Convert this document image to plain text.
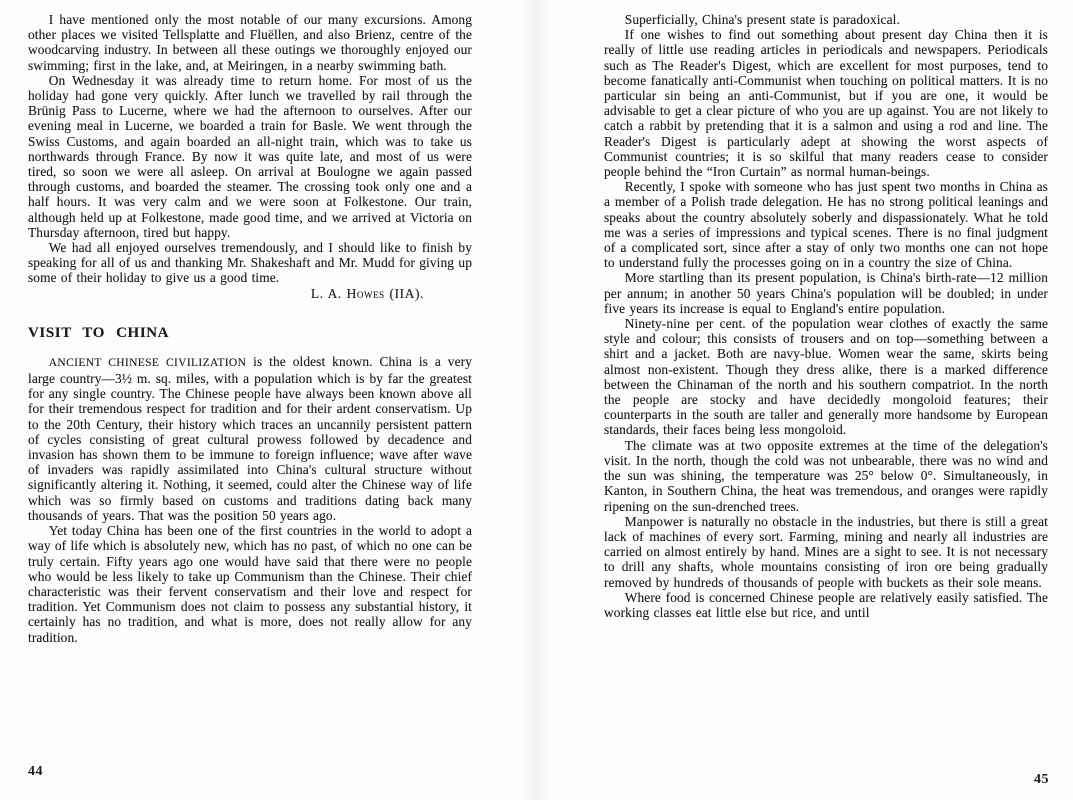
I have mentioned only the most notable of our many excursions. Among other places we visited Tellsplatte and Fluëllen, and also Brienz, centre of the woodcarving industry. In between all these outings we thoroughly enjoyed our swimming; first in the lake, and, at Meiringen, in a nearby swimming bath.

On Wednesday it was already time to return home. For most of us the holiday had gone very quickly. After lunch we travelled by rail through the Brünig Pass to Lucerne, where we had the afternoon to ourselves. After our evening meal in Lucerne, we boarded a train for Basle. We went through the Swiss Customs, and again boarded an all-night train, which was to take us northwards through France. By now it was quite late, and most of us were tired, so soon we were all asleep. On arrival at Boulogne we again passed through customs, and boarded the steamer. The crossing took only one and a half hours. It was very calm and we were soon at Folkestone. Our train, although held up at Folkestone, made good time, and we arrived at Victoria on Thursday afternoon, tired but happy.

We had all enjoyed ourselves tremendously, and I should like to finish by speaking for all of us and thanking Mr. Shakeshaft and Mr. Mudd for giving up some of their holiday to give us a good time.

L. A. Howes (IIA).

VISIT TO CHINA

ANCIENT CHINESE CIVILIZATION is the oldest known. China is a very large country—3½ m. sq. miles, with a population which is by far the greatest for any single country. The Chinese people have always been known above all for their tremendous respect for tradition and for their ardent conservatism. Up to the 20th Century, their history which traces an uncannily persistent pattern of cycles consisting of great cultural prowess followed by decadence and invasion has shown them to be immune to foreign influence; wave after wave of invaders was rapidly assimilated into China's cultural structure without significantly altering it. Nothing, it seemed, could alter the Chinese way of life which was so firmly based on customs and traditions dating back many thousands of years. That was the position 50 years ago.

Yet today China has been one of the first countries in the world to adopt a way of life which is absolutely new, which has no past, of which no one can be truly certain. Fifty years ago one would have said that there were no people who would be less likely to take up Communism than the Chinese. Their chief characteristic was their fervent conservatism and their love and respect for tradition. Yet Communism does not claim to possess any substantial history, it certainly has no tradition, and what is more, does not really allow for any tradition.

44

Superficially, China's present state is paradoxical.

If one wishes to find out something about present day China then it is really of little use reading articles in periodicals and newspapers. Periodicals such as The Reader's Digest, which are excellent for most purposes, tend to become fanatically anti-Communist when touching on political matters. It is no particular sin being an anti-Communist, but if you are one, it would be advisable to get a clear picture of who you are up against. You are not likely to catch a rabbit by pretending that it is a salmon and using a rod and line. The Reader's Digest is particularly adept at showing the worst aspects of Communist countries; it is so skilful that many readers cease to consider people behind the “Iron Curtain” as normal human-beings.

Recently, I spoke with someone who has just spent two months in China as a member of a Polish trade delegation. He has no strong political leanings and speaks about the country absolutely soberly and dispassionately. What he told me was a series of impressions and typical scenes. There is no final judgment of a complicated sort, since after a stay of only two months one can not hope to understand fully the processes going on in a country the size of China.

More startling than its present population, is China's birth-rate—12 million per annum; in another 50 years China's population will be doubled; in under five years its increase is equal to England's entire population.

Ninety-nine per cent. of the population wear clothes of exactly the same style and colour; this consists of trousers and on top—something between a shirt and a jacket. Both are navy-blue. Women wear the same, skirts being almost non-existent. Though they dress alike, there is a marked difference between the Chinaman of the north and his southern compatriot. In the north the people are stocky and have decidedly mongoloid features; their counterparts in the south are taller and generally more handsome by European standards, their faces being less mongoloid.

The climate was at two opposite extremes at the time of the delegation's visit. In the north, though the cold was not unbearable, there was no wind and the sun was shining, the temperature was 25° below 0°. Simultaneously, in Kanton, in Southern China, the heat was tremendous, and oranges were rapidly ripening on the sun-drenched trees.

Manpower is naturally no obstacle in the industries, but there is still a great lack of machines of every sort. Farming, mining and nearly all industries are carried on almost entirely by hand. Mines are a sight to see. It is not necessary to drill any shafts, whole mountains consisting of iron ore being gradually removed by hundreds of thousands of people with buckets as their sole means.

Where food is concerned Chinese people are relatively easily satisfied. The working classes eat little else but rice, and until

45
